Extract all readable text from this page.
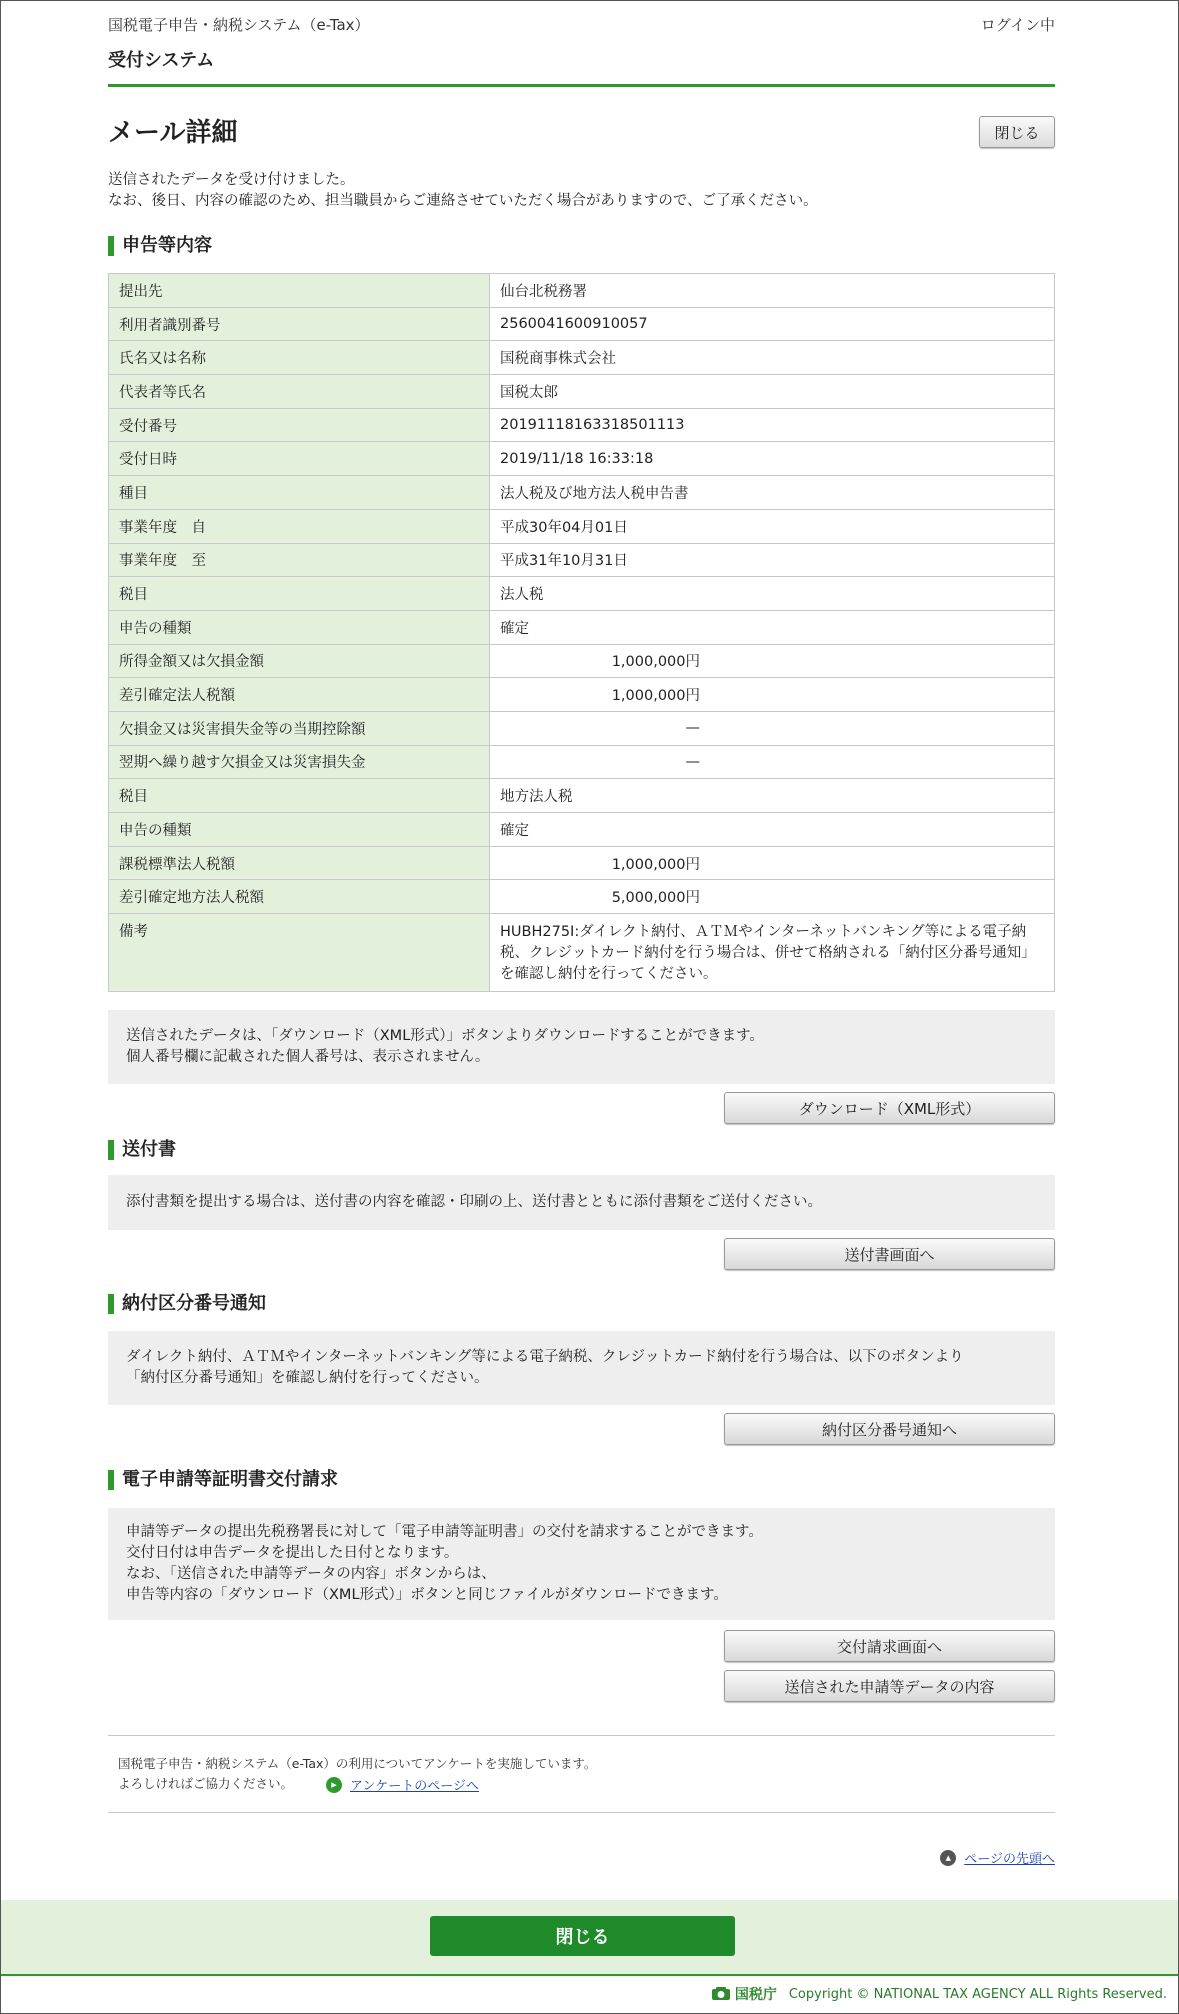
国税電子申告・納税システム（e-Tax）	ログイン中
受付システム
メール詳細	閉じる
送信されたデータを受け付けました。
なお、後日、内容の確認のため、担当職員からご連絡させていただく場合がありますので、ご了承ください。
申告等内容
提出先	仙台北税務署
利用者識別番号	2560041600910057
氏名又は名称	国税商事株式会社
代表者等氏名	国税太郎
受付番号	20191118163318501113
受付日時	2019/11/18 16:33:18
種目	法人税及び地方法人税申告書
事業年度　自	平成30年04月01日
事業年度　至	平成31年10月31日
税目	法人税
申告の種類	確定
所得金額又は欠損金額	1,000,000円
差引確定法人税額	1,000,000円
欠損金又は災害損失金等の当期控除額	—
翌期へ繰り越す欠損金又は災害損失金	—
税目	地方法人税
申告の種類	確定
課税標準法人税額	1,000,000円
差引確定地方法人税額	5,000,000円
備考	HUBH275I:ダイレクト納付、ＡＴＭやインターネットバンキング等による電子納税、クレジットカード納付を行う場合は、併せて格納される「納付区分番号通知」を確認し納付を行ってください。
送信されたデータは、「ダウンロード（XML形式）」ボタンよりダウンロードすることができます。
個人番号欄に記載された個人番号は、表示されません。
ダウンロード（XML形式）
送付書
添付書類を提出する場合は、送付書の内容を確認・印刷の上、送付書とともに添付書類をご送付ください。
送付書画面へ
納付区分番号通知
ダイレクト納付、ＡＴＭやインターネットバンキング等による電子納税、クレジットカード納付を行う場合は、以下のボタンより
「納付区分番号通知」を確認し納付を行ってください。
納付区分番号通知へ
電子申請等証明書交付請求
申請等データの提出先税務署長に対して「電子申請等証明書」の交付を請求することができます。
交付日付は申告データを提出した日付となります。
なお、「送信された申請等データの内容」ボタンからは、
申告等内容の「ダウンロード（XML形式）」ボタンと同じファイルがダウンロードできます。
交付請求画面へ
送信された申請等データの内容
国税電子申告・納税システム（e-Tax）の利用についてアンケートを実施しています。
よろしければご協力ください。	▸	アンケートのページへ
▴	ページの先頭へ
閉じる
国税庁 Copyright © NATIONAL TAX AGENCY ALL Rights Reserved.
